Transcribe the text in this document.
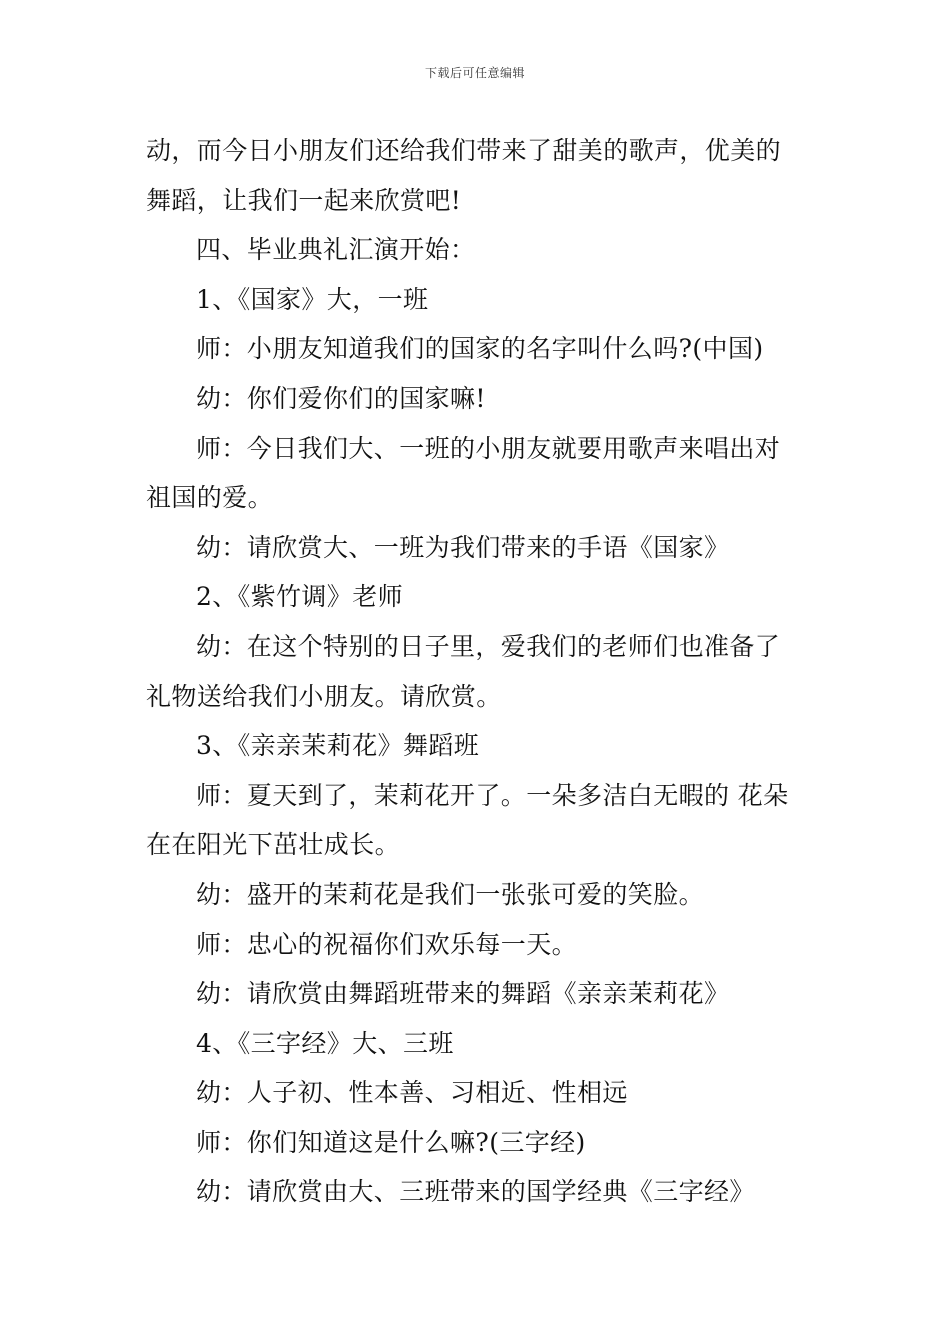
下载后可任意编辑

动，而今日小朋友们还给我们带来了甜美的歌声，优美的

舞蹈，让我们一起来欣赏吧!

四、毕业典礼汇演开始：

1、《国家》大，一班

师：小朋友知道我们的国家的名字叫什么吗?(中国)

幼：你们爱你们的国家嘛!

师：今日我们大、一班的小朋友就要用歌声来唱出对

祖国的爱。

幼：请欣赏大、一班为我们带来的手语《国家》

2、《紫竹调》老师

幼：在这个特别的日子里，爱我们的老师们也准备了

礼物送给我们小朋友。请欣赏。

3、《亲亲茉莉花》舞蹈班

师：夏天到了，茉莉花开了。一朵多洁白无暇的 花朵

在在阳光下茁壮成长。

幼：盛开的茉莉花是我们一张张可爱的笑脸。

师：忠心的祝福你们欢乐每一天。

幼：请欣赏由舞蹈班带来的舞蹈《亲亲茉莉花》

4、《三字经》大、三班

幼：人子初、性本善、习相近、性相远

师：你们知道这是什么嘛?(三字经)

幼：请欣赏由大、三班带来的国学经典《三字经》
